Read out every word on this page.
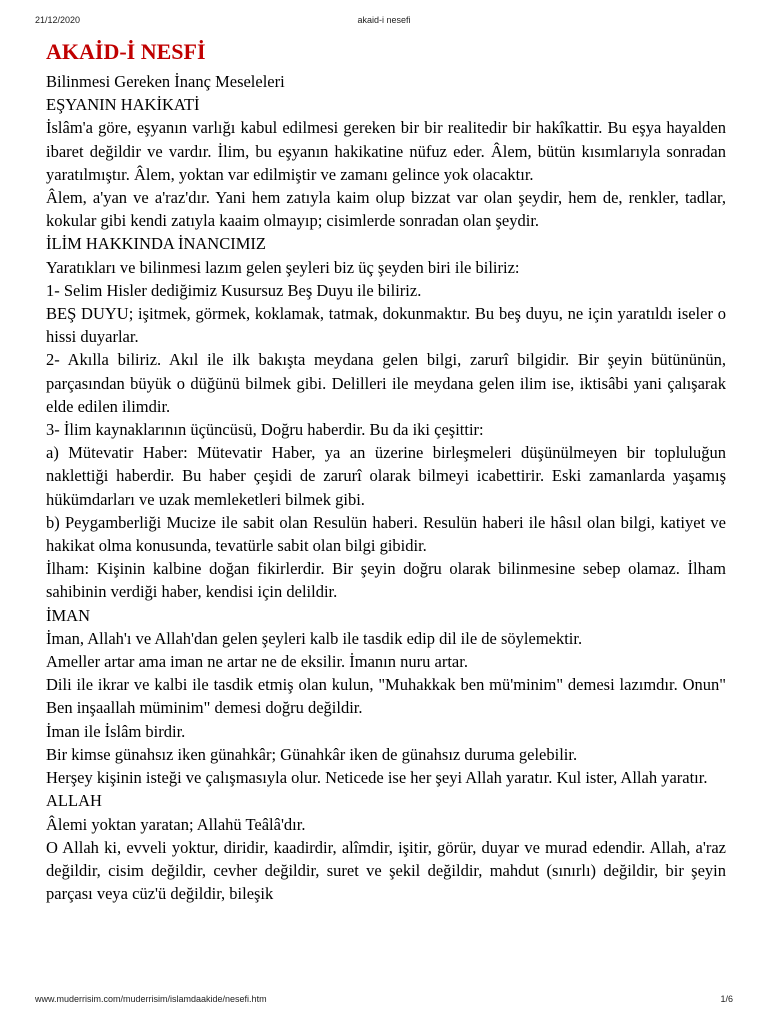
21/12/2020	akaid-i nesefi
AKAİD-İ NESFİ

Bilinmesi Gereken İnanç Meseleleri

EŞYANIN HAKİKATİ

İslâm'a göre, eşyanın varlığı kabul edilmesi gereken bir bir realitedir bir hakîkattir. Bu eşya hayalden ibaret değildir ve vardır. İlim, bu eşyanın hakikatine nüfuz eder. Âlem, bütün kısımlarıyla sonradan yaratılmıştır. Âlem, yoktan var edilmiştir ve zamanı gelince yok olacaktır.

Âlem, a'yan ve a'raz'dır. Yani hem zatıyla kaim olup bizzat var olan şeydir, hem de, renkler, tadlar, kokular gibi kendi zatıyla kaaim olmayıp; cisimlerde sonradan olan şeydir.

İLİM HAKKINDA İNANCIMIZ

Yaratıkları ve bilinmesi lazım gelen şeyleri biz üç şeyden biri ile biliriz:

1- Selim Hisler dediğimiz Kusursuz Beş Duyu ile biliriz.

BEŞ DUYU; işitmek, görmek, koklamak, tatmak, dokunmaktır. Bu beş duyu, ne için yaratıldı iseler o hissi duyarlar.

2- Akılla biliriz. Akıl ile ilk bakışta meydana gelen bilgi, zarurî bilgidir. Bir şeyin bütününün, parçasından büyük o düğünü bilmek gibi. Delilleri ile meydana gelen ilim ise, iktisâbi yani çalışarak elde edilen ilimdir.

3- İlim kaynaklarının üçüncüsü, Doğru haberdir. Bu da iki çeşittir:

a) Mütevatir Haber: Mütevatir Haber, ya an üzerine birleşmeleri düşünülmeyen bir topluluğun naklettiği haberdir. Bu haber çeşidi de zarurî olarak bilmeyi icabettirir. Eski zamanlarda yaşamış hükümdarları ve uzak memleketleri bilmek gibi.

b) Peygamberliği Mucize ile sabit olan Resulün haberi. Resulün haberi ile hâsıl olan bilgi, katiyet ve hakikat olma konusunda, tevatürle sabit olan bilgi gibidir.

İlham: Kişinin kalbine doğan fikirlerdir. Bir şeyin doğru olarak bilinmesine sebep olamaz. İlham sahibinin verdiği haber, kendisi için delildir.

İMAN

İman, Allah'ı ve Allah'dan gelen şeyleri kalb ile tasdik edip dil ile de söylemektir.

Ameller artar ama iman ne artar ne de eksilir. İmanın nuru artar.

Dili ile ikrar ve kalbi ile tasdik etmiş olan kulun, "Muhakkak ben mü'minim" demesi lazımdır. Onun" Ben inşaallah müminim" demesi doğru değildir.

İman ile İslâm birdir.

Bir kimse günahsız iken günahkâr; Günahkâr iken de günahsız duruma gelebilir.

Herşey kişinin isteği ve çalışmasıyla olur. Neticede ise her şeyi Allah yaratır. Kul ister, Allah yaratır.

ALLAH

Âlemi yoktan yaratan; Allahü Teâlâ'dır.

O Allah ki, evveli yoktur, diridir, kaadirdir, alîmdir, işitir, görür, duyar ve murad edendir. Allah, a'raz değildir, cisim değildir, cevher değildir, suret ve şekil değildir, mahdut (sınırlı) değildir, bir şeyin parçası veya cüz'ü değildir, bileşik

www.muderrisim.com/muderrisim/islamdaakide/nesefi.htm	1/6
